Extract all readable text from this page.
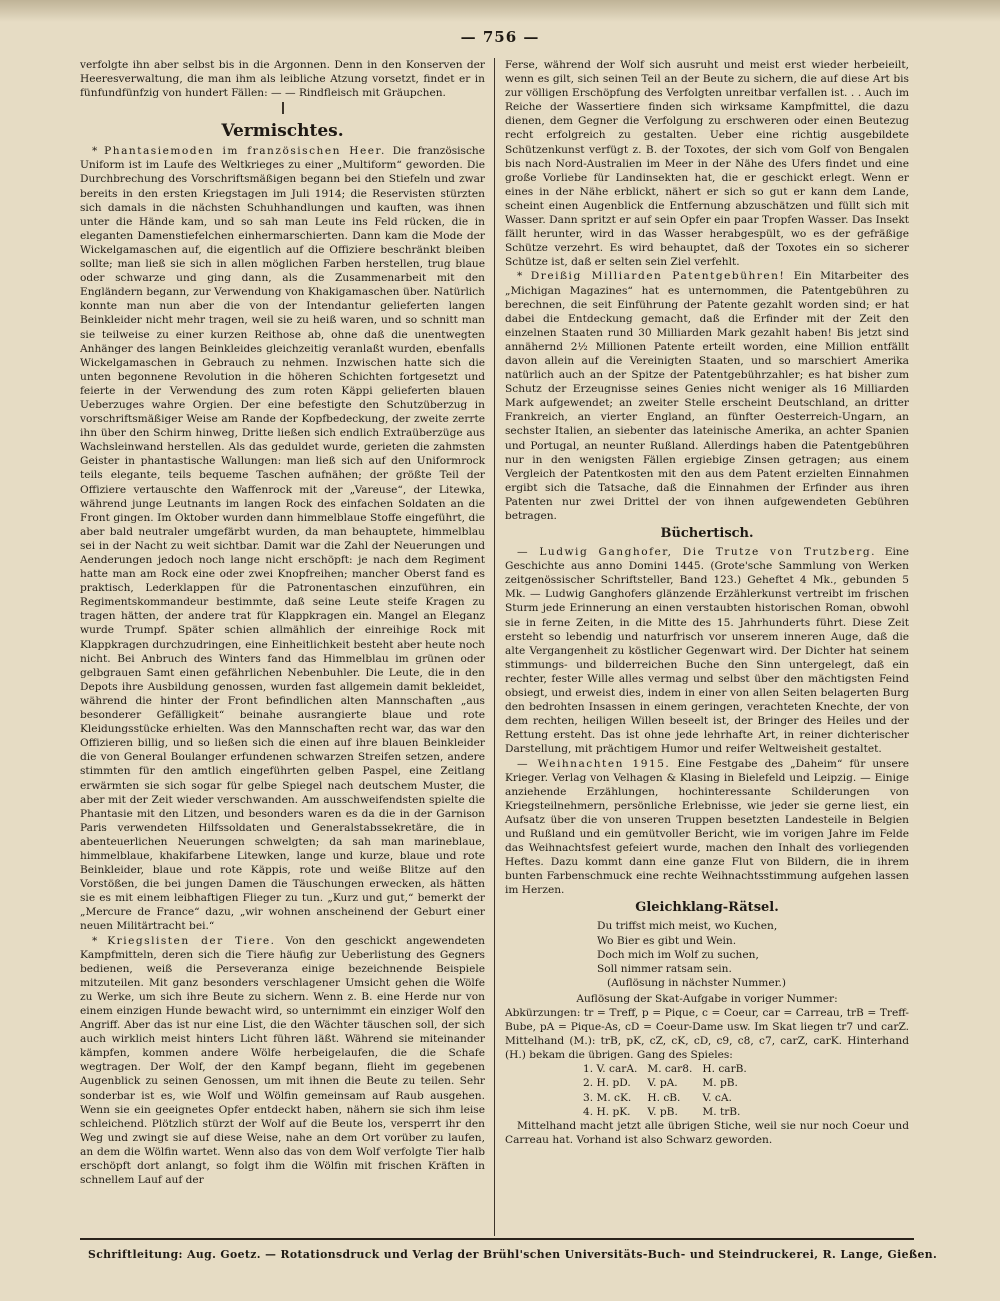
— 756 —

verfolgte ihn aber selbst bis in die Argonnen. Denn in den Konserven der Heeresverwaltung, die man ihm als leibliche Atzung vorsetzt, findet er in fünfundfünfzig von hundert Fällen: — — Rindfleisch mit Gräupchen.

Vermischtes.

* Phantasiemoden im französischen Heer. Die französische Uniform ist im Laufe des Weltkrieges zu einer „Multiform“ geworden. Die Durchbrechung des Vorschriftsmäßigen begann bei den Stiefeln und zwar bereits in den ersten Kriegstagen im Juli 1914; die Reservisten stürzten sich damals in die nächsten Schuhhandlungen und kauften, was ihnen unter die Hände kam, und so sah man Leute ins Feld rücken, die in eleganten Damenstiefelchen einhermarschierten. Dann kam die Mode der Wickelgamaschen auf, die eigentlich auf die Offiziere beschränkt bleiben sollte; man ließ sie sich in allen möglichen Farben herstellen, trug blaue oder schwarze und ging dann, als die Zusammenarbeit mit den Engländern begann, zur Verwendung von Khakigamaschen über. Natürlich konnte man nun aber die von der Intendantur gelieferten langen Beinkleider nicht mehr tragen, weil sie zu heiß waren, und so schnitt man sie teilweise zu einer kurzen Reithose ab, ohne daß die unentwegten Anhänger des langen Beinkleides gleichzeitig veranlaßt wurden, ebenfalls Wickelgamaschen in Gebrauch zu nehmen. Inzwischen hatte sich die unten begonnene Revolution in die höheren Schichten fortgesetzt und feierte in der Verwendung des zum roten Käppi gelieferten blauen Ueberzuges wahre Orgien. Der eine befestigte den Schutzüberzug in vorschriftsmäßiger Weise am Rande der Kopfbedeckung, der zweite zerrte ihn über den Schirm hinweg, Dritte ließen sich endlich Extraüberzüge aus Wachsleinwand herstellen. Als das geduldet wurde, gerieten die zahmsten Geister in phantastische Wallungen: man ließ sich auf den Uniformrock teils elegante, teils bequeme Taschen aufnähen; der größte Teil der Offiziere vertauschte den Waffenrock mit der „Vareuse“, der Litewka, während junge Leutnants im langen Rock des einfachen Soldaten an die Front gingen. Im Oktober wurden dann himmelblaue Stoffe eingeführt, die aber bald neutraler umgefärbt wurden, da man behauptete, himmelblau sei in der Nacht zu weit sichtbar. Damit war die Zahl der Neuerungen und Aenderungen jedoch noch lange nicht erschöpft: je nach dem Regiment hatte man am Rock eine oder zwei Knopfreihen; mancher Oberst fand es praktisch, Lederklappen für die Patronentaschen einzuführen, ein Regimentskommandeur bestimmte, daß seine Leute steife Kragen zu tragen hätten, der andere trat für Klappkragen ein. Mangel an Eleganz wurde Trumpf. Später schien allmählich der einreihige Rock mit Klappkragen durchzudringen, eine Einheitlichkeit besteht aber heute noch nicht. Bei Anbruch des Winters fand das Himmelblau im grünen oder gelbgrauen Samt einen gefährlichen Nebenbuhler. Die Leute, die in den Depots ihre Ausbildung genossen, wurden fast allgemein damit bekleidet, während die hinter der Front befindlichen alten Mannschaften „aus besonderer Gefälligkeit“ beinahe ausrangierte blaue und rote Kleidungsstücke erhielten. Was den Mannschaften recht war, das war den Offizieren billig, und so ließen sich die einen auf ihre blauen Beinkleider die von General Boulanger erfundenen schwarzen Streifen setzen, andere stimmten für den amtlich eingeführten gelben Paspel, eine Zeitlang erwärmten sie sich sogar für gelbe Spiegel nach deutschem Muster, die aber mit der Zeit wieder verschwanden. Am ausschweifendsten spielte die Phantasie mit den Litzen, und besonders waren es da die in der Garnison Paris verwendeten Hilfssoldaten und Generalstabssekretäre, die in abenteuerlichen Neuerungen schwelgten; da sah man marineblaue, himmelblaue, khakifarbene Litewken, lange und kurze, blaue und rote Beinkleider, blaue und rote Käppis, rote und weiße Blitze auf den Vorstößen, die bei jungen Damen die Täuschungen erwecken, als hätten sie es mit einem leibhaftigen Flieger zu tun. „Kurz und gut,“ bemerkt der „Mercure de France“ dazu, „wir wohnen anscheinend der Geburt einer neuen Militärtracht bei.“

* Kriegslisten der Tiere. Von den geschickt angewendeten Kampfmitteln, deren sich die Tiere häufig zur Ueberlistung des Gegners bedienen, weiß die Perseveranza einige bezeichnende Beispiele mitzuteilen. Mit ganz besonders verschlagener Umsicht gehen die Wölfe zu Werke, um sich ihre Beute zu sichern. Wenn z. B. eine Herde nur von einem einzigen Hunde bewacht wird, so unternimmt ein einziger Wolf den Angriff. Aber das ist nur eine List, die den Wächter täuschen soll, der sich auch wirklich meist hinters Licht führen läßt. Während sie miteinander kämpfen, kommen andere Wölfe herbeigelaufen, die die Schafe wegtragen. Der Wolf, der den Kampf begann, flieht im gegebenen Augenblick zu seinen Genossen, um mit ihnen die Beute zu teilen. Sehr sonderbar ist es, wie Wolf und Wölfin gemeinsam auf Raub ausgehen. Wenn sie ein geeignetes Opfer entdeckt haben, nähern sie sich ihm leise schleichend. Plötzlich stürzt der Wolf auf die Beute los, versperrt ihr den Weg und zwingt sie auf diese Weise, nahe an dem Ort vorüber zu laufen, an dem die Wölfin wartet. Wenn also das von dem Wolf verfolgte Tier halb erschöpft dort anlangt, so folgt ihm die Wölfin mit frischen Kräften in schnellem Lauf auf der

Ferse, während der Wolf sich ausruht und meist erst wieder herbeieilt, wenn es gilt, sich seinen Teil an der Beute zu sichern, die auf diese Art bis zur völligen Erschöpfung des Verfolgten unreitbar verfallen ist. . . Auch im Reiche der Wassertiere finden sich wirksame Kampfmittel, die dazu dienen, dem Gegner die Verfolgung zu erschweren oder einen Beutezug recht erfolgreich zu gestalten. Ueber eine richtig ausgebildete Schützenkunst verfügt z. B. der Toxotes, der sich vom Golf von Bengalen bis nach Nord-Australien im Meer in der Nähe des Ufers findet und eine große Vorliebe für Landinsekten hat, die er geschickt erlegt. Wenn er eines in der Nähe erblickt, nähert er sich so gut er kann dem Lande, scheint einen Augenblick die Entfernung abzuschätzen und füllt sich mit Wasser. Dann spritzt er auf sein Opfer ein paar Tropfen Wasser. Das Insekt fällt herunter, wird in das Wasser herabgespült, wo es der gefräßige Schütze verzehrt. Es wird behauptet, daß der Toxotes ein so sicherer Schütze ist, daß er selten sein Ziel verfehlt.

* Dreißig Milliarden Patentgebühren! Ein Mitarbeiter des „Michigan Magazines“ hat es unternommen, die Patentgebühren zu berechnen, die seit Einführung der Patente gezahlt worden sind; er hat dabei die Entdeckung gemacht, daß die Erfinder mit der Zeit den einzelnen Staaten rund 30 Milliarden Mark gezahlt haben! Bis jetzt sind annähernd 2½ Millionen Patente erteilt worden, eine Million entfällt davon allein auf die Vereinigten Staaten, und so marschiert Amerika natürlich auch an der Spitze der Patentgebührzahler; es hat bisher zum Schutz der Erzeugnisse seines Genies nicht weniger als 16 Milliarden Mark aufgewendet; an zweiter Stelle erscheint Deutschland, an dritter Frankreich, an vierter England, an fünfter Oesterreich-Ungarn, an sechster Italien, an siebenter das lateinische Amerika, an achter Spanien und Portugal, an neunter Rußland. Allerdings haben die Patentgebühren nur in den wenigsten Fällen ergiebige Zinsen getragen; aus einem Vergleich der Patentkosten mit den aus dem Patent erzielten Einnahmen ergibt sich die Tatsache, daß die Einnahmen der Erfinder aus ihren Patenten nur zwei Drittel der von ihnen aufgewendeten Gebühren betragen.

Büchertisch.

— Ludwig Ganghofer, Die Trutze von Trutzberg. Eine Geschichte aus anno Domini 1445. (Grote'sche Sammlung von Werken zeitgenössischer Schriftsteller, Band 123.) Geheftet 4 Mk., gebunden 5 Mk. — Ludwig Ganghofers glänzende Erzählerkunst vertreibt im frischen Sturm jede Erinnerung an einen verstaubten historischen Roman, obwohl sie in ferne Zeiten, in die Mitte des 15. Jahrhunderts führt. Diese Zeit ersteht so lebendig und naturfrisch vor unserem inneren Auge, daß die alte Vergangenheit zu köstlicher Gegenwart wird. Der Dichter hat seinem stimmungs- und bilderreichen Buche den Sinn untergelegt, daß ein rechter, fester Wille alles vermag und selbst über den mächtigsten Feind obsiegt, und erweist dies, indem in einer von allen Seiten belagerten Burg den bedrohten Insassen in einem geringen, verachteten Knechte, der von dem rechten, heiligen Willen beseelt ist, der Bringer des Heiles und der Rettung ersteht. Das ist ohne jede lehrhafte Art, in reiner dichterischer Darstellung, mit prächtigem Humor und reifer Weltweisheit gestaltet.

— Weihnachten 1915. Eine Festgabe des „Daheim“ für unsere Krieger. Verlag von Velhagen & Klasing in Bielefeld und Leipzig. — Einige anziehende Erzählungen, hochinteressante Schilderungen von Kriegsteilnehmern, persönliche Erlebnisse, wie jeder sie gerne liest, ein Aufsatz über die von unseren Truppen besetzten Landesteile in Belgien und Rußland und ein gemütvoller Bericht, wie im vorigen Jahre im Felde das Weihnachtsfest gefeiert wurde, machen den Inhalt des vorliegenden Heftes. Dazu kommt dann eine ganze Flut von Bildern, die in ihrem bunten Farbenschmuck eine rechte Weihnachtsstimmung aufgehen lassen im Herzen.

Gleichklang-Rätsel.
Du triffst mich meist, wo Kuchen,
Wo Bier es gibt und Wein.
Doch mich im Wolf zu suchen,
Soll nimmer ratsam sein.
(Auflösung in nächster Nummer.)

Auflösung der Skat-Aufgabe in voriger Nummer:

Abkürzungen: tr = Treff, p = Pique, c = Coeur, car = Carreau, trB = Treff-Bube, pA = Pique-As, cD = Coeur-Dame usw. Im Skat liegen tr7 und carZ. Mittelhand (M.): trB, pK, cZ, cK, cD, c9, c8, c7, carZ, carK. Hinterhand (H.) bekam die übrigen. Gang des Spieles:

1. V. carA.	M. car8.	H. carB.
2. H. pD.	V. pA.	M. pB.
3. M. cK.	H. cB.	V. cA.
4. H. pK.	V. pB.	M. trB.

Mittelhand macht jetzt alle übrigen Stiche, weil sie nur noch Coeur und Carreau hat. Vorhand ist also Schwarz geworden.

Schriftleitung: Aug. Goetz. — Rotationsdruck und Verlag der Brühl'schen Universitäts-Buch- und Steindruckerei, R. Lange, Gießen.
